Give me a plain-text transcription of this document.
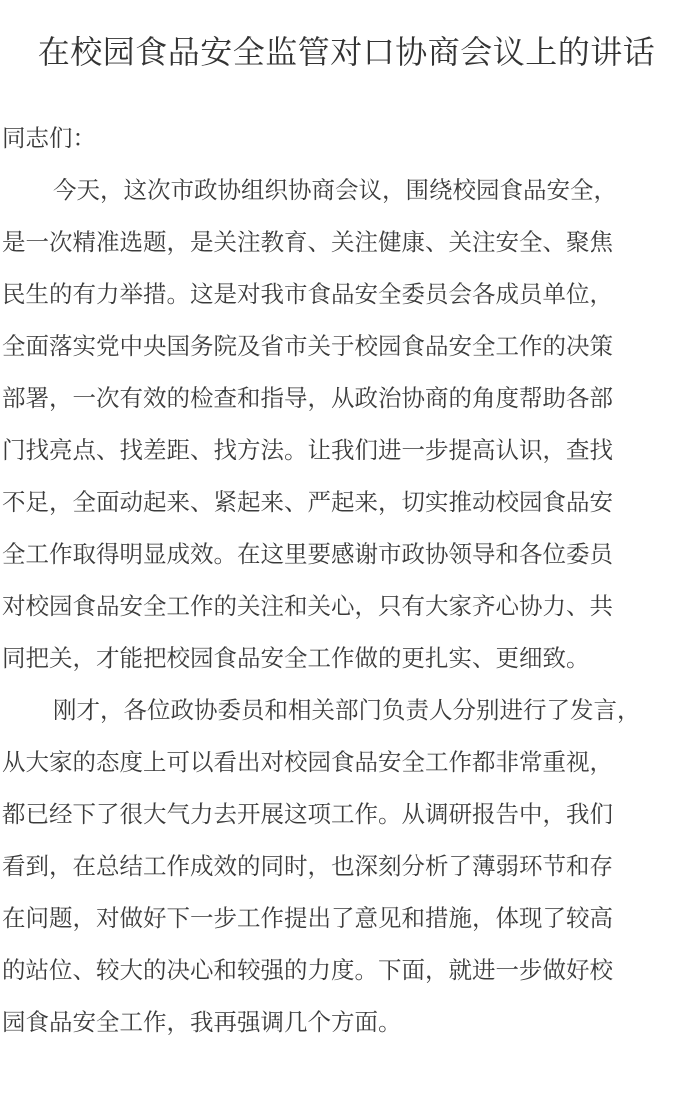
在校园食品安全监管对口协商会议上的讲话
同志们：
今天，这次市政协组织协商会议，围绕校园食品安全，
是一次精准选题，是关注教育、关注健康、关注安全、聚焦
民生的有力举措。这是对我市食品安全委员会各成员单位，
全面落实党中央国务院及省市关于校园食品安全工作的决策
部署，一次有效的检查和指导，从政治协商的角度帮助各部
门找亮点、找差距、找方法。让我们进一步提高认识，查找
不足，全面动起来、紧起来、严起来，切实推动校园食品安
全工作取得明显成效。在这里要感谢市政协领导和各位委员
对校园食品安全工作的关注和关心，只有大家齐心协力、共
同把关，才能把校园食品安全工作做的更扎实、更细致。
刚才，各位政协委员和相关部门负责人分别进行了发言，
从大家的态度上可以看出对校园食品安全工作都非常重视，
都已经下了很大气力去开展这项工作。从调研报告中，我们
看到，在总结工作成效的同时，也深刻分析了薄弱环节和存
在问题，对做好下一步工作提出了意见和措施，体现了较高
的站位、较大的决心和较强的力度。下面，就进一步做好校
园食品安全工作，我再强调几个方面。
